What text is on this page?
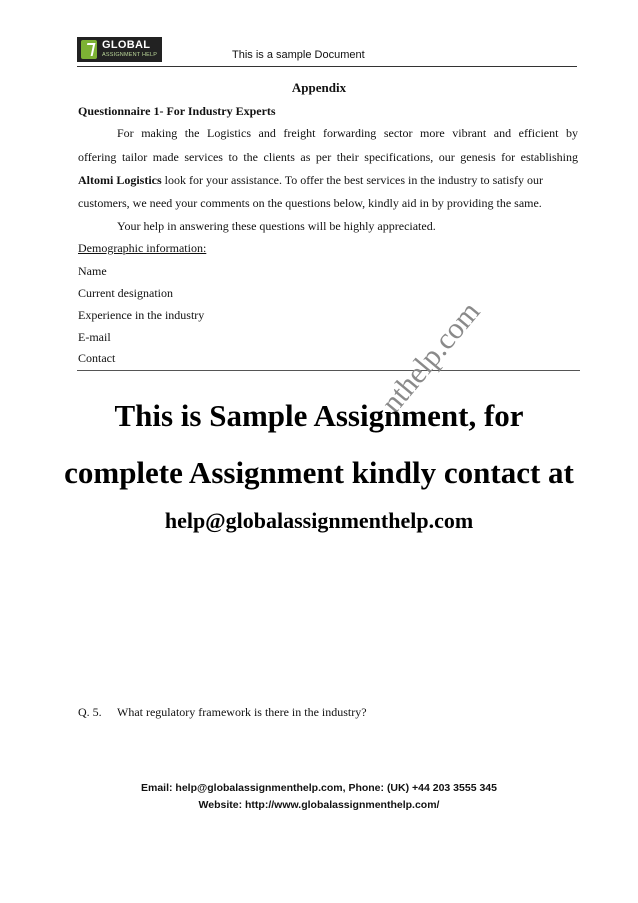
GLOBAL
ASSIGNMENT HELP	This is a sample Document
Appendix
Questionnaire 1- For Industry Experts
For making the Logistics and freight forwarding sector more vibrant and efficient by
offering tailor made services to the clients as per their specifications, our genesis for establishing
Altomi Logistics look for your assistance. To offer the best services in the industry to satisfy our
customers, we need your comments on the questions below, kindly aid in by providing the same.
Your help in answering these questions will be highly appreciated.
Demographic information:
Name
Current designation
Experience in the industry
E-mail
Contact	nthelp.com
This is Sample Assignment, for
complete Assignment kindly contact at
help@globalassignmenthelp.com
Q. 5. What regulatory framework is there in the industry?
Email: help@globalassignmenthelp.com, Phone: (UK) +44 203 3555 345
Website: http://www.globalassignmenthelp.com/
